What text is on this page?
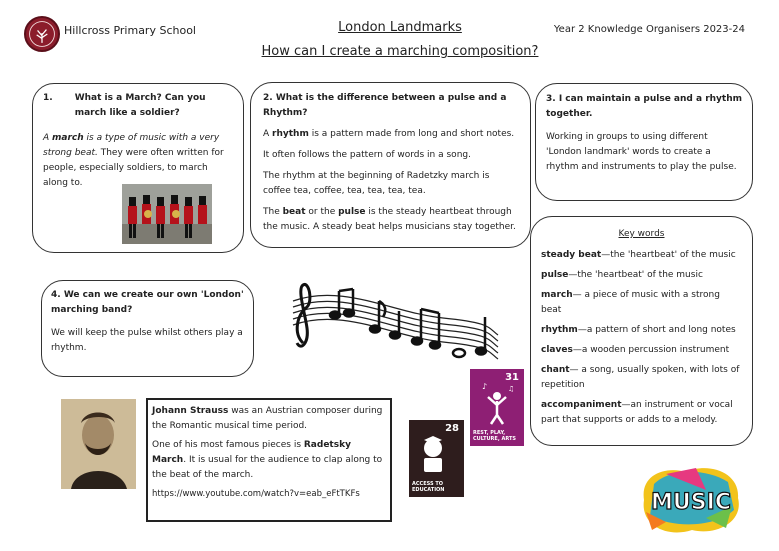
Hillcross Primary School	London Landmarks
How can I create a marching composition?
Year 2 Knowledge Organisers 2023-24
1. What is a March? Can you march like a soldier?
A march is a type of music with a very strong beat. They were often written for people, especially soldiers, to march along to.
2. What is the difference between a pulse and a Rhythm?

A rhythm is a pattern made from long and short notes.

It often follows the pattern of words in a song.

The rhythm at the beginning of Radetzky march is coffee tea, coffee, tea, tea, tea, tea.

The beat or the pulse is the steady heartbeat through the music. A steady beat helps musicians stay together.

3. I can maintain a pulse and a rhythm together.

Working in groups to using different 'London landmark' words to create a rhythm and instruments to play the pulse.

Key words
steady beat—the 'heartbeat' of the music
pulse—the 'heartbeat' of the music
march— a piece of music with a strong beat
rhythm—a pattern of short and long notes
claves—a wooden percussion instrument
chant— a song, usually spoken, with lots of repetition
accompaniment—an instrument or vocal part that supports or adds to a melody.
4. We can we create our own 'London' marching band?

We will keep the pulse whilst others play a rhythm.

31
♪	♫
REST, PLAY, CULTURE, ARTS
28
ACCESS TO EDUCATION

Johann Strauss was an Austrian composer during the Romantic musical time period.

One of his most famous pieces is Radetsky March. It is usual for the audience to clap along to the beat of the march.

https://www.youtube.com/watch?v=eab_eFtTKFs	MUSIC
